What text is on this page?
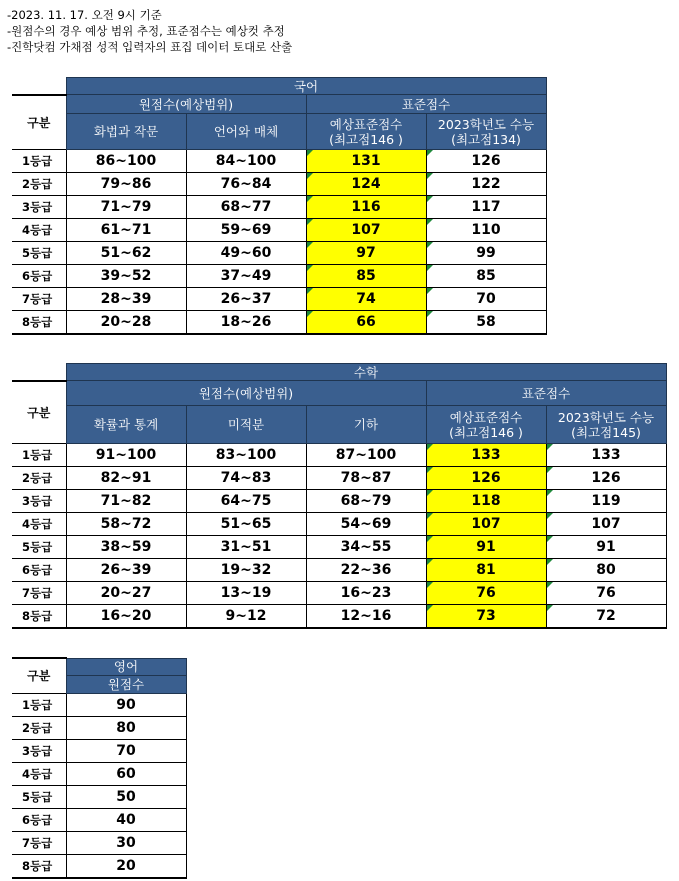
-2023. 11. 17. 오전 9시 기준
-원점수의 경우 예상 범위 추정, 표준점수는 예상컷 추정
-진학닷컴 가채점 성적 입력자의 표집 데이터 토대로 산출
	국어			
구분	원점수(예상범위)		표준점수	
	화법과 작문	언어와 매체	예상표준점수
(최고점146 )	2023학년도 수능
(최고점134)
1등급	86~100	84~100	131	126
2등급	79~86	76~84	124	122
3등급	71~79	68~77	116	117
4등급	61~71	59~69	107	110
5등급	51~62	49~60	97	99
6등급	39~52	37~49	85	85
7등급	28~39	26~37	74	70
8등급	20~28	18~26	66	58
	수학				
구분	원점수(예상범위)			표준점수	
	확률과 통계	미적분	기하	예상표준점수
(최고점146 )	2023학년도 수능
(최고점145)
1등급	91~100	83~100	87~100	133	133
2등급	82~91	74~83	78~87	126	126
3등급	71~82	64~75	68~79	118	119
4등급	58~72	51~65	54~69	107	107
5등급	38~59	31~51	34~55	91	91
6등급	26~39	19~32	22~36	81	80
7등급	20~27	13~19	16~23	76	76
8등급	16~20	9~12	12~16	73	72
구분	영어
	원점수
1등급	90
2등급	80
3등급	70
4등급	60
5등급	50
6등급	40
7등급	30
8등급	20
